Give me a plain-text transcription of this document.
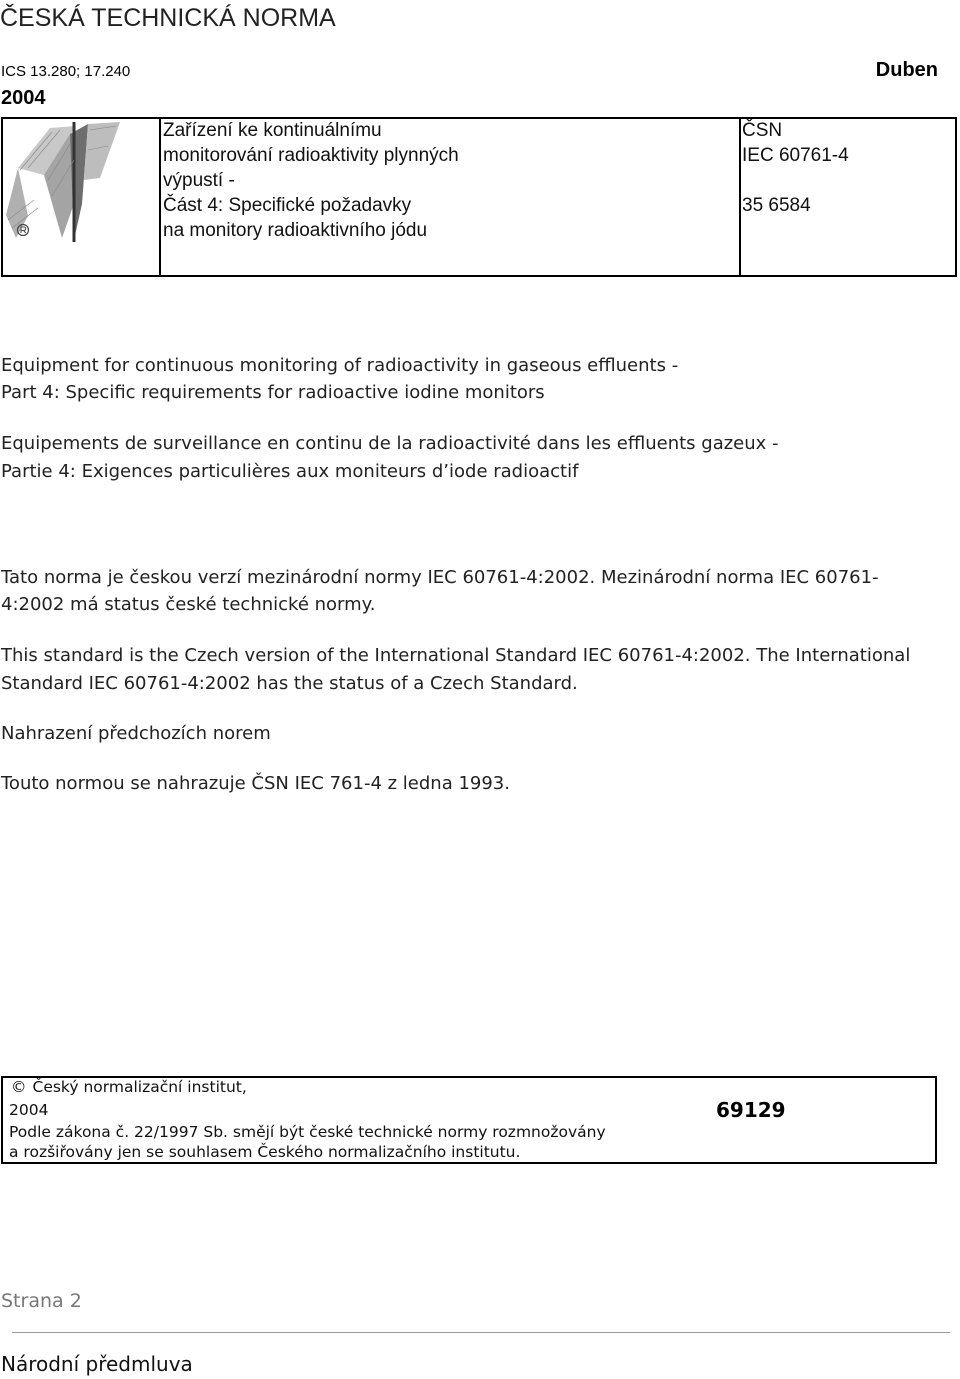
ČESKÁ TECHNICKÁ NORMA
ICS 13.280; 17.240	Duben
2004
Zařízení ke kontinuálnímu
monitorování radioaktivity plynných
výpustí -
Část 4: Specifické požadavky
na monitory radioaktivního jódu
ČSN
IEC 60761-4
35 6584
Equipment for continuous monitoring of radioactivity in gaseous effluents -
Part 4: Specific requirements for radioactive iodine monitors
Equipements de surveillance en continu de la radioactivité dans les effluents gazeux -
Partie 4: Exigences particulières aux moniteurs d’iode radioactif
Tato norma je českou verzí mezinárodní normy IEC 60761-4:2002. Mezinárodní norma IEC 60761-
4:2002 má status české technické normy.
This standard is the Czech version of the International Standard IEC 60761-4:2002. The International
Standard IEC 60761-4:2002 has the status of a Czech Standard.
Nahrazení předchozích norem
Touto normou se nahrazuje ČSN IEC 761-4 z ledna 1993.
© Český normalizační institut,
2004
Podle zákona č. 22/1997 Sb. smějí být české technické normy rozmnožovány
a rozšiřovány jen se souhlasem Českého normalizačního institutu.
69129
Strana 2
Národní předmluva
